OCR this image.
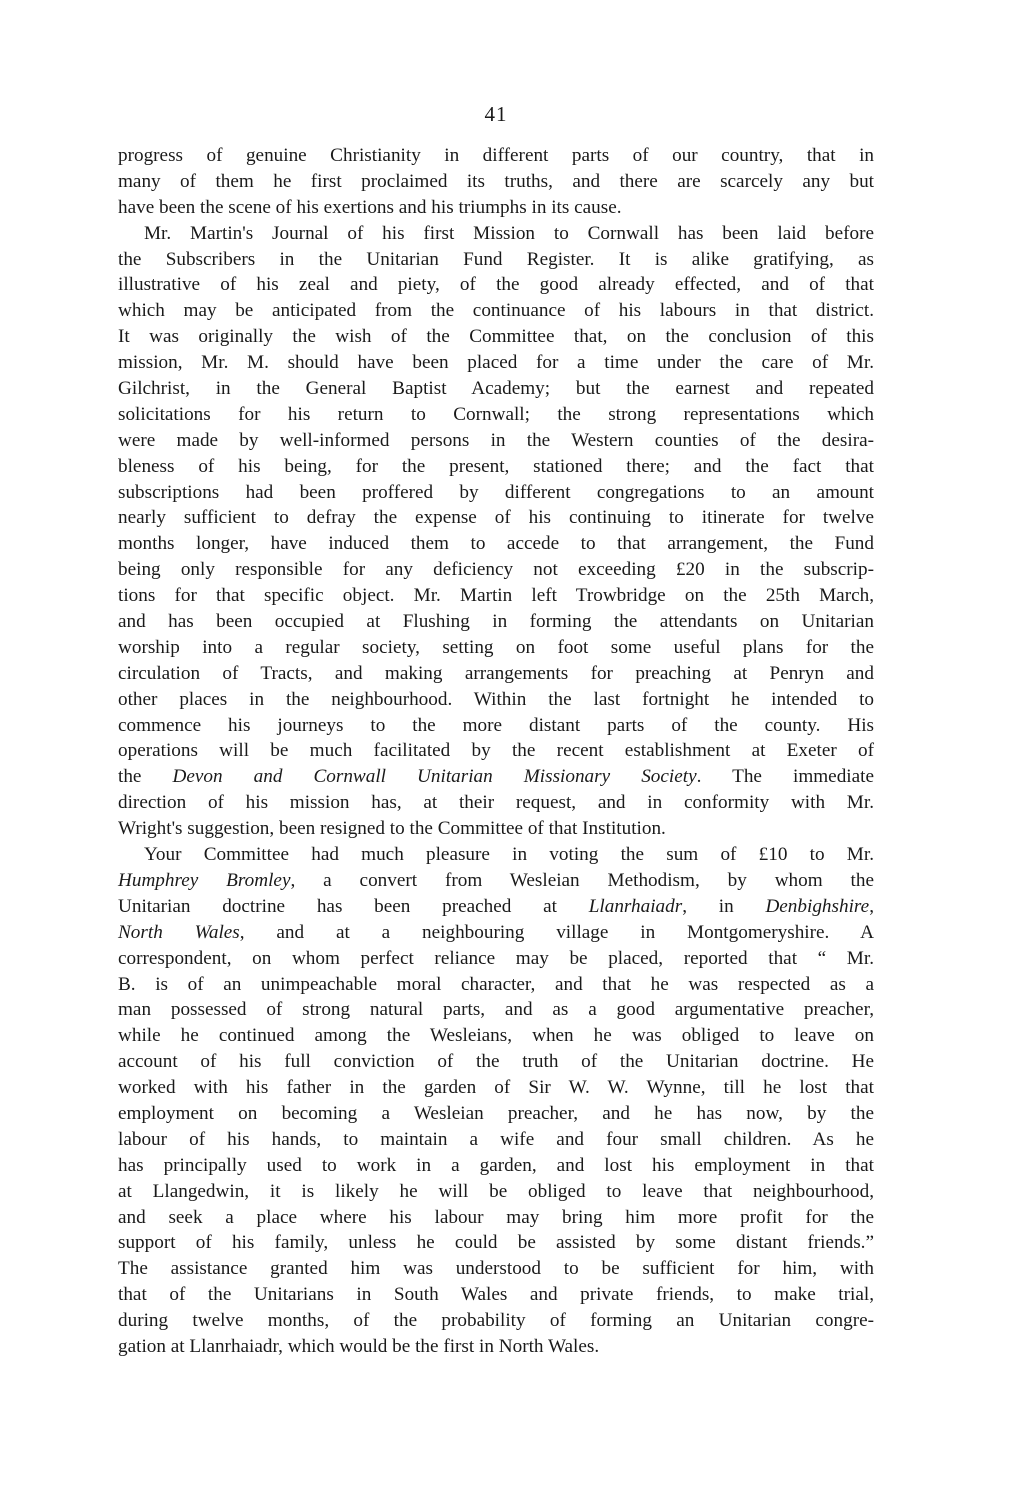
41
progress of genuine Christianity in different parts of our country, that in
many of them he first proclaimed its truths, and there are scarcely any but
have been the scene of his exertions and his triumphs in its cause.
Mr. Martin's Journal of his first Mission to Cornwall has been laid before
the Subscribers in the Unitarian Fund Register. It is alike gratifying, as
illustrative of his zeal and piety, of the good already effected, and of that
which may be anticipated from the continuance of his labours in that district.
It was originally the wish of the Committee that, on the conclusion of this
mission, Mr. M. should have been placed for a time under the care of Mr.
Gilchrist, in the General Baptist Academy; but the earnest and repeated
solicitations for his return to Cornwall; the strong representations which
were made by well-informed persons in the Western counties of the desira-
bleness of his being, for the present, stationed there; and the fact that
subscriptions had been proffered by different congregations to an amount
nearly sufficient to defray the expense of his continuing to itinerate for twelve
months longer, have induced them to accede to that arrangement, the Fund
being only responsible for any deficiency not exceeding £20 in the subscrip-
tions for that specific object. Mr. Martin left Trowbridge on the 25th March,
and has been occupied at Flushing in forming the attendants on Unitarian
worship into a regular society, setting on foot some useful plans for the
circulation of Tracts, and making arrangements for preaching at Penryn and
other places in the neighbourhood. Within the last fortnight he intended to
commence his journeys to the more distant parts of the county. His
operations will be much facilitated by the recent establishment at Exeter of
the Devon and Cornwall Unitarian Missionary Society. The immediate
direction of his mission has, at their request, and in conformity with Mr.
Wright's suggestion, been resigned to the Committee of that Institution.
Your Committee had much pleasure in voting the sum of £10 to Mr.
Humphrey Bromley, a convert from Wesleian Methodism, by whom the
Unitarian doctrine has been preached at Llanrhaiadr, in Denbighshire,
North Wales, and at a neighbouring village in Montgomeryshire. A
correspondent, on whom perfect reliance may be placed, reported that “ Mr.
B. is of an unimpeachable moral character, and that he was respected as a
man possessed of strong natural parts, and as a good argumentative preacher,
while he continued among the Wesleians, when he was obliged to leave on
account of his full conviction of the truth of the Unitarian doctrine. He
worked with his father in the garden of Sir W. W. Wynne, till he lost that
employment on becoming a Wesleian preacher, and he has now, by the
labour of his hands, to maintain a wife and four small children. As he
has principally used to work in a garden, and lost his employment in that
at Llangedwin, it is likely he will be obliged to leave that neighbourhood,
and seek a place where his labour may bring him more profit for the
support of his family, unless he could be assisted by some distant friends.”
The assistance granted him was understood to be sufficient for him, with
that of the Unitarians in South Wales and private friends, to make trial,
during twelve months, of the probability of forming an Unitarian congre-
gation at Llanrhaiadr, which would be the first in North Wales.
